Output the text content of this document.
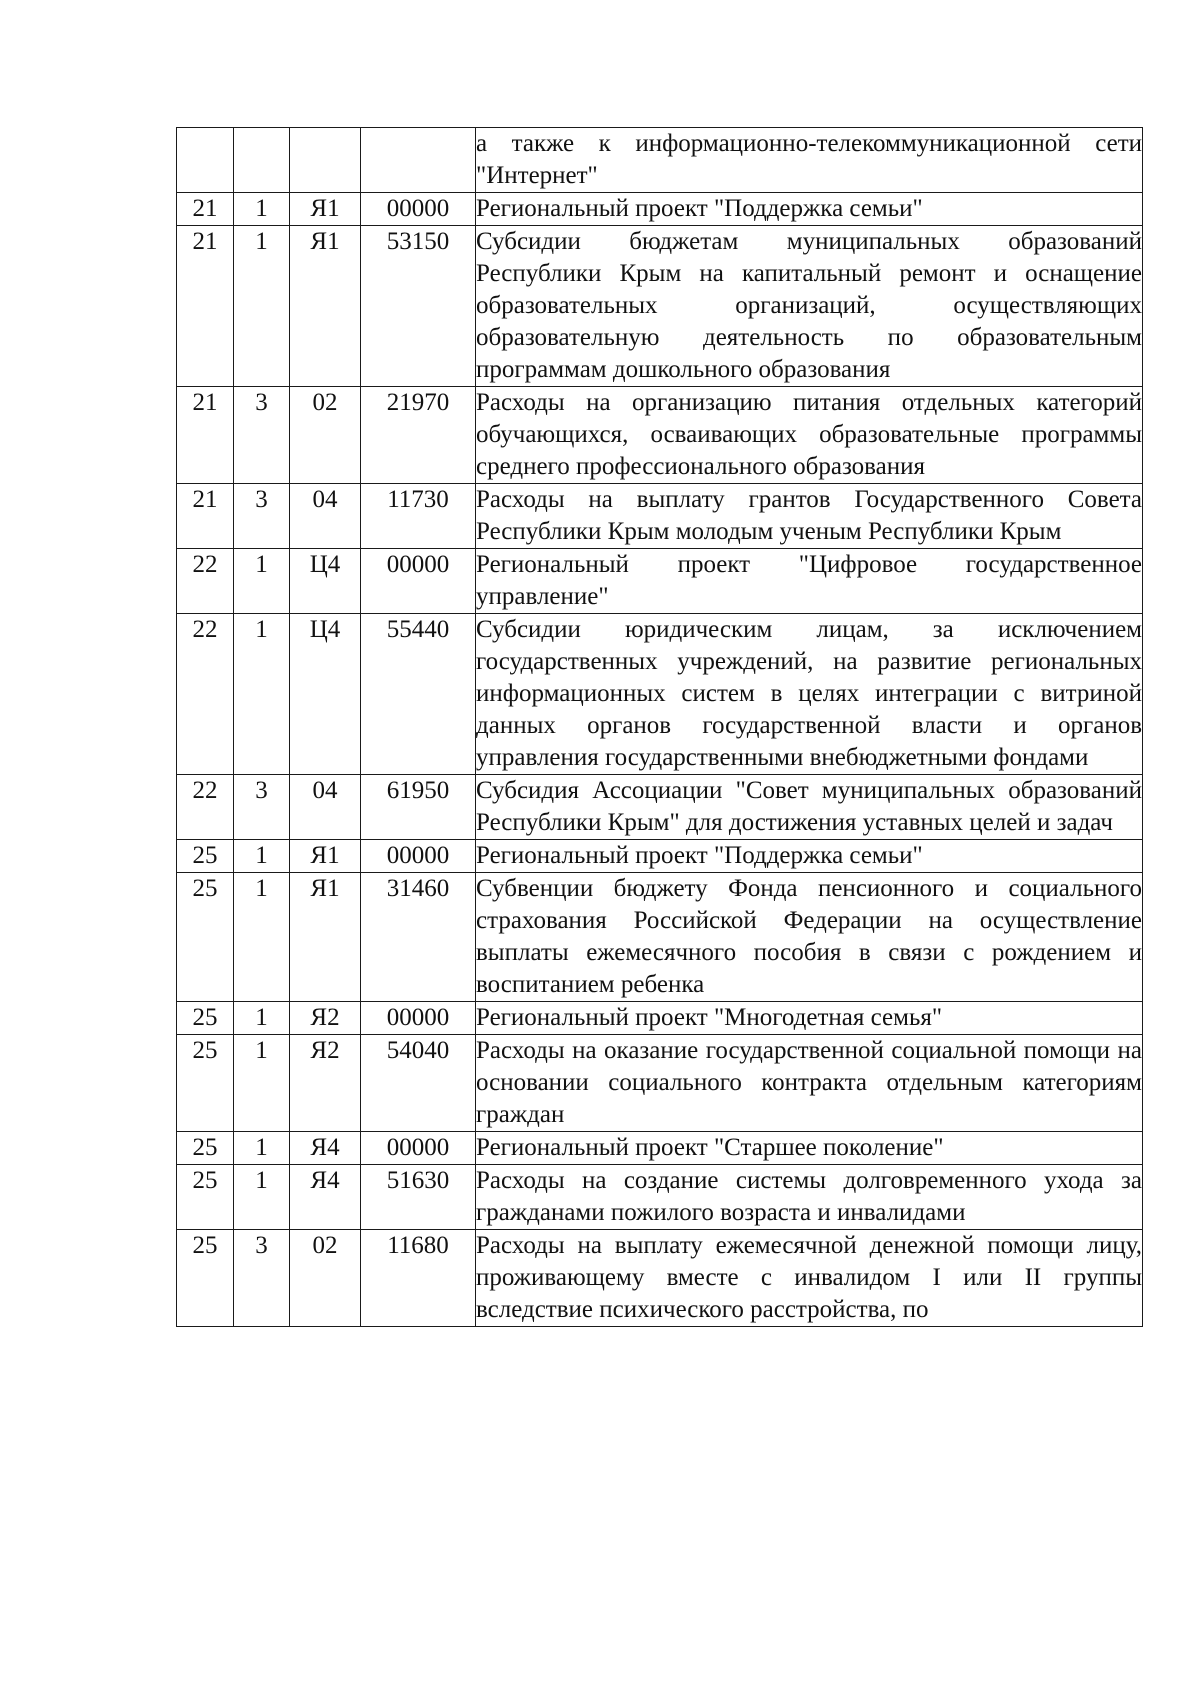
				а также к информационно-телекоммуникационной сети "Интернет"

21	1	Я1	00000	Региональный проект "Поддержка семьи"

21	1	Я1	53150	Субсидии бюджетам муниципальных образований Республики Крым на капитальный ремонт и оснащение образовательных организаций, осуществляющих образовательную деятельность по образовательным программам дошкольного образования

21	3	02	21970	Расходы на организацию питания отдельных категорий обучающихся, осваивающих образовательные программы среднего профессионального образования

21	3	04	11730	Расходы на выплату грантов Государственного Совета Республики Крым молодым ученым Республики Крым

22	1	Ц4	00000	Региональный проект "Цифровое государственное управление"

22	1	Ц4	55440	Субсидии юридическим лицам, за исключением государственных учреждений, на развитие региональных информационных систем в целях интеграции с витриной данных органов государственной власти и органов управления государственными внебюджетными фондами

22	3	04	61950	Субсидия Ассоциации "Совет муниципальных образований Республики Крым" для достижения уставных целей и задач

25	1	Я1	00000	Региональный проект "Поддержка семьи"

25	1	Я1	31460	Субвенции бюджету Фонда пенсионного и социального страхования Российской Федерации на осуществление выплаты ежемесячного пособия в связи с рождением и воспитанием ребенка

25	1	Я2	00000	Региональный проект "Многодетная семья"

25	1	Я2	54040	Расходы на оказание государственной социальной помощи на основании социального контракта отдельным категориям граждан

25	1	Я4	00000	Региональный проект "Старшее поколение"

25	1	Я4	51630	Расходы на создание системы долговременного ухода за гражданами пожилого возраста и инвалидами

25	3	02	11680	Расходы на выплату ежемесячной денежной помощи лицу, проживающему вместе с инвалидом I или II группы вследствие психического расстройства, по
